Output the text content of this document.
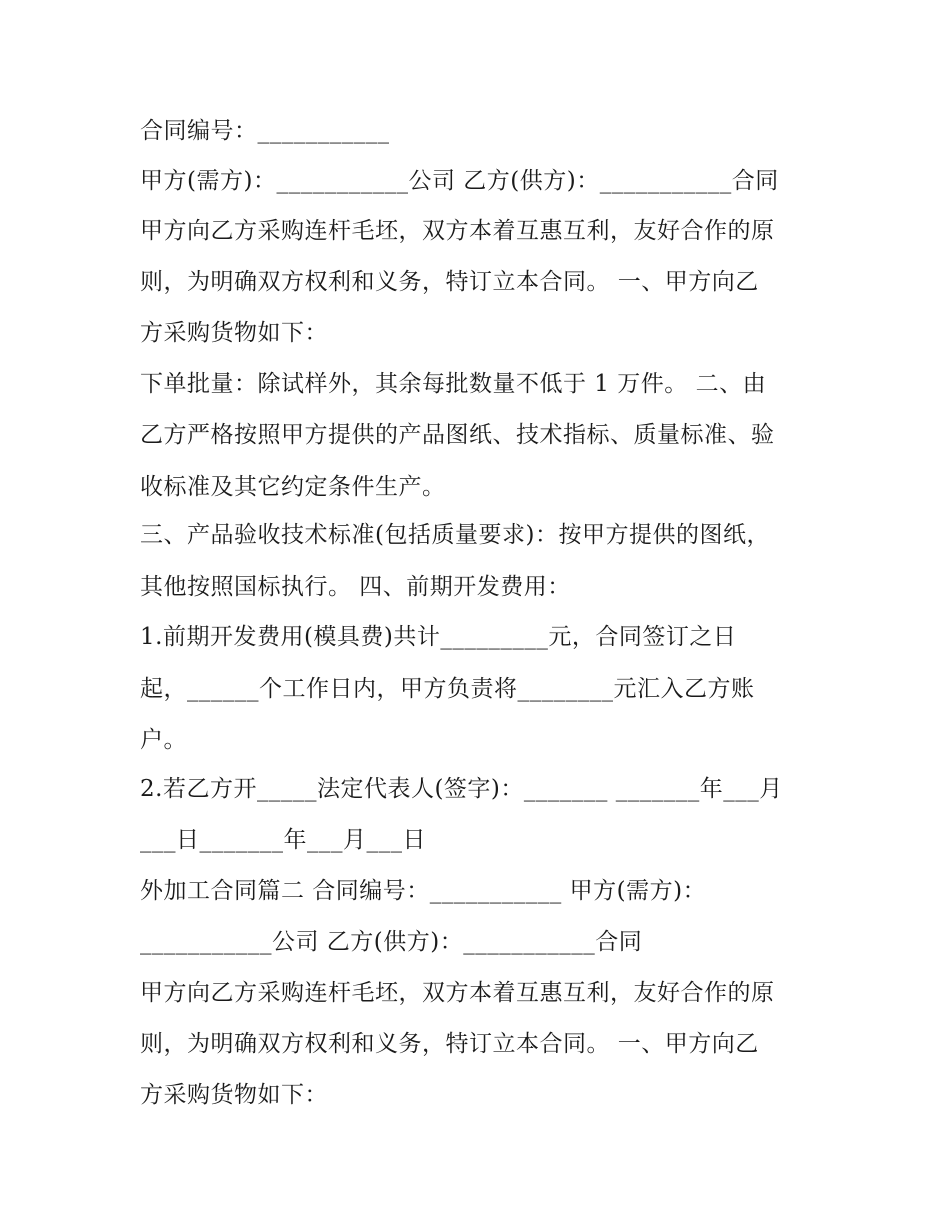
合同编号：___________

甲方(需方)：___________公司 乙方(供方)：___________合同

甲方向乙方采购连杆毛坯，双方本着互惠互利，友好合作的原

则，为明确双方权利和义务，特订立本合同。 一、甲方向乙

方采购货物如下：

下单批量：除试样外，其余每批数量不低于 1 万件。 二、由

乙方严格按照甲方提供的产品图纸、技术指标、质量标准、验

收标准及其它约定条件生产。

三、产品验收技术标准(包括质量要求)：按甲方提供的图纸，

其他按照国标执行。 四、前期开发费用：

1.前期开发费用(模具费)共计_________元，合同签订之日

起，______个工作日内，甲方负责将________元汇入乙方账

户。

2.若乙方开_____法定代表人(签字)：_______ _______年___月

___日_______年___月___日

外加工合同篇二 合同编号：___________ 甲方(需方)：

___________公司 乙方(供方)：___________合同

甲方向乙方采购连杆毛坯，双方本着互惠互利，友好合作的原

则，为明确双方权利和义务，特订立本合同。 一、甲方向乙

方采购货物如下：
